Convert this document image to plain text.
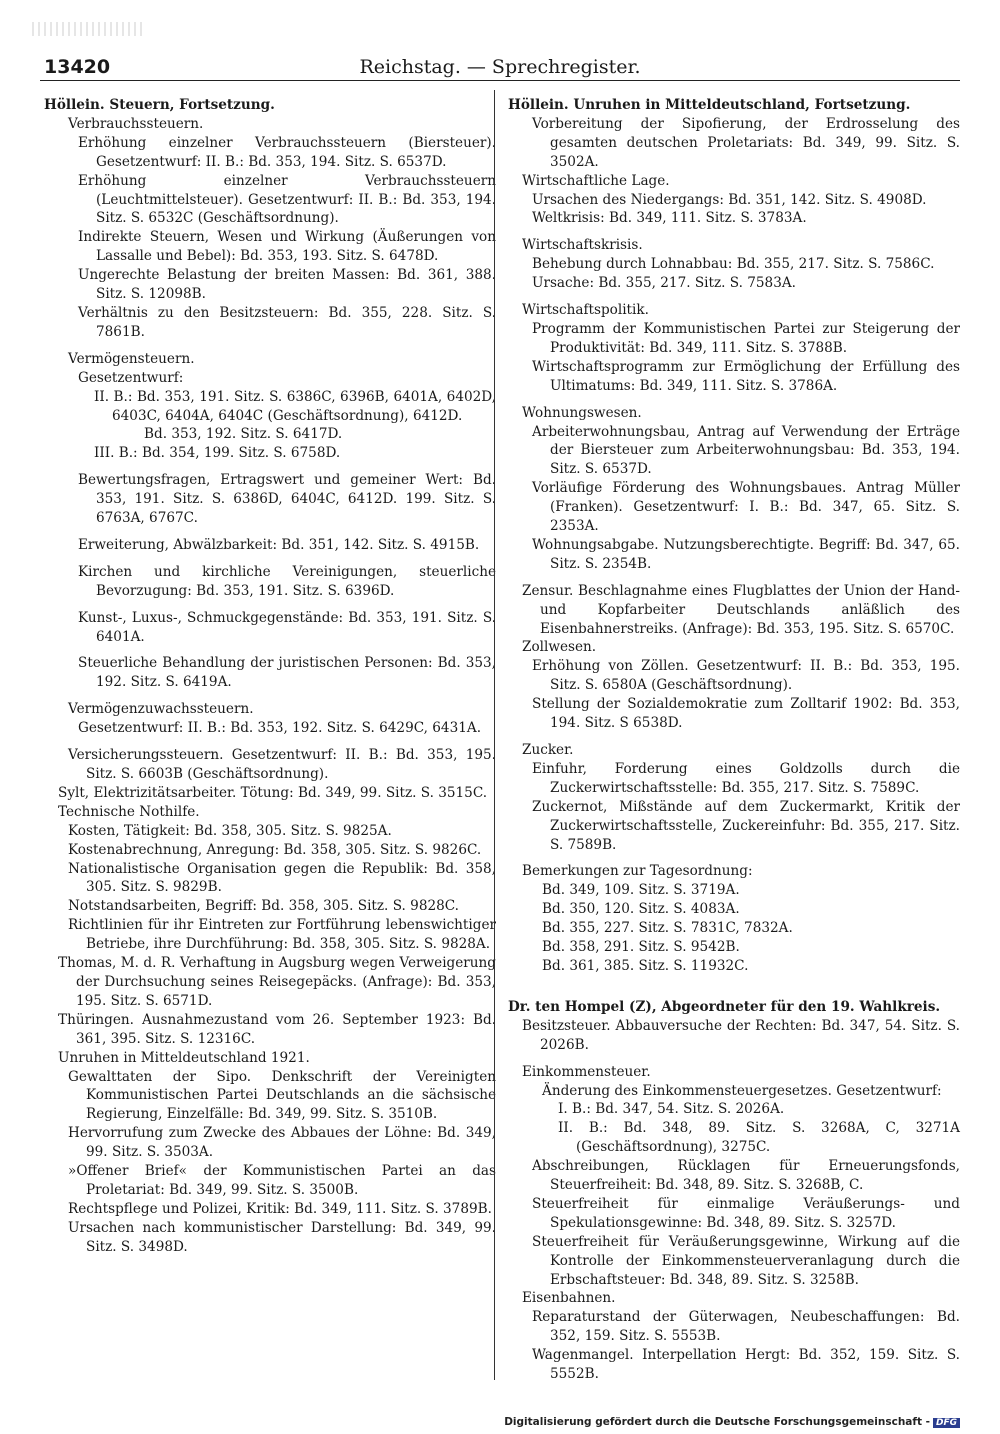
13420	Reichstag. — Sprechregister.

Höllein. Steuern, Fortsetzung.

Verbrauchssteuern.

Erhöhung einzelner Verbrauchssteuern (Biersteuer). Gesetzentwurf: II. B.: Bd. 353, 194. Sitz. S. 6537D.

Erhöhung einzelner Verbrauchssteuern (Leuchtmittelsteuer). Gesetzentwurf: II. B.: Bd. 353, 194. Sitz. S. 6532C (Geschäftsordnung).

Indirekte Steuern, Wesen und Wirkung (Äußerungen von Lassalle und Bebel): Bd. 353, 193. Sitz. S. 6478D.

Ungerechte Belastung der breiten Massen: Bd. 361, 388. Sitz. S. 12098B.

Verhältnis zu den Besitzsteuern: Bd. 355, 228. Sitz. S. 7861B.

Vermögensteuern.

Gesetzentwurf:

II. B.: Bd. 353, 191. Sitz. S. 6386C, 6396B, 6401A, 6402D, 6403C, 6404A, 6404C (Geschäftsordnung), 6412D.

Bd. 353, 192. Sitz. S. 6417D.

III. B.: Bd. 354, 199. Sitz. S. 6758D.

Bewertungsfragen, Ertragswert und gemeiner Wert: Bd. 353, 191. Sitz. S. 6386D, 6404C, 6412D. 199. Sitz. S. 6763A, 6767C.

Erweiterung, Abwälzbarkeit: Bd. 351, 142. Sitz. S. 4915B.

Kirchen und kirchliche Vereinigungen, steuerliche Bevorzugung: Bd. 353, 191. Sitz. S. 6396D.

Kunst-, Luxus-, Schmuckgegenstände: Bd. 353, 191. Sitz. S. 6401A.

Steuerliche Behandlung der juristischen Personen: Bd. 353, 192. Sitz. S. 6419A.

Vermögenzuwachssteuern.

Gesetzentwurf: II. B.: Bd. 353, 192. Sitz. S. 6429C, 6431A.

Versicherungssteuern. Gesetzentwurf: II. B.: Bd. 353, 195. Sitz. S. 6603B (Geschäftsordnung).

Sylt, Elektrizitätsarbeiter. Tötung: Bd. 349, 99. Sitz. S. 3515C.

Technische Nothilfe.

Kosten, Tätigkeit: Bd. 358, 305. Sitz. S. 9825A.

Kostenabrechnung, Anregung: Bd. 358, 305. Sitz. S. 9826C.

Nationalistische Organisation gegen die Republik: Bd. 358, 305. Sitz. S. 9829B.

Notstandsarbeiten, Begriff: Bd. 358, 305. Sitz. S. 9828C.

Richtlinien für ihr Eintreten zur Fortführung lebenswichtiger Betriebe, ihre Durchführung: Bd. 358, 305. Sitz. S. 9828A.

Thomas, M. d. R. Verhaftung in Augsburg wegen Verweigerung der Durchsuchung seines Reisegepäcks. (Anfrage): Bd. 353, 195. Sitz. S. 6571D.

Thüringen. Ausnahmezustand vom 26. September 1923: Bd. 361, 395. Sitz. S. 12316C.

Unruhen in Mitteldeutschland 1921.

Gewalttaten der Sipo. Denkschrift der Vereinigten Kommunistischen Partei Deutschlands an die sächsische Regierung, Einzelfälle: Bd. 349, 99. Sitz. S. 3510B.

Hervorrufung zum Zwecke des Abbaues der Löhne: Bd. 349, 99. Sitz. S. 3503A.

»Offener Brief« der Kommunistischen Partei an das Proletariat: Bd. 349, 99. Sitz. S. 3500B.

Rechtspflege und Polizei, Kritik: Bd. 349, 111. Sitz. S. 3789B.

Ursachen nach kommunistischer Darstellung: Bd. 349, 99. Sitz. S. 3498D.

Höllein. Unruhen in Mitteldeutschland, Fortsetzung.

Vorbereitung der Sipofierung, der Erdrosselung des gesamten deutschen Proletariats: Bd. 349, 99. Sitz. S. 3502A.

Wirtschaftliche Lage.

Ursachen des Niedergangs: Bd. 351, 142. Sitz. S. 4908D.

Weltkrisis: Bd. 349, 111. Sitz. S. 3783A.

Wirtschaftskrisis.

Behebung durch Lohnabbau: Bd. 355, 217. Sitz. S. 7586C.

Ursache: Bd. 355, 217. Sitz. S. 7583A.

Wirtschaftspolitik.

Programm der Kommunistischen Partei zur Steigerung der Produktivität: Bd. 349, 111. Sitz. S. 3788B.

Wirtschaftsprogramm zur Ermöglichung der Erfüllung des Ultimatums: Bd. 349, 111. Sitz. S. 3786A.

Wohnungswesen.

Arbeiterwohnungsbau, Antrag auf Verwendung der Erträge der Biersteuer zum Arbeiterwohnungsbau: Bd. 353, 194. Sitz. S. 6537D.

Vorläufige Förderung des Wohnungsbaues. Antrag Müller (Franken). Gesetzentwurf: I. B.: Bd. 347, 65. Sitz. S. 2353A.

Wohnungsabgabe. Nutzungsberechtigte. Begriff: Bd. 347, 65. Sitz. S. 2354B.

Zensur. Beschlagnahme eines Flugblattes der Union der Hand- und Kopfarbeiter Deutschlands anläßlich des Eisenbahnerstreiks. (Anfrage): Bd. 353, 195. Sitz. S. 6570C.

Zollwesen.

Erhöhung von Zöllen. Gesetzentwurf: II. B.: Bd. 353, 195. Sitz. S. 6580A (Geschäftsordnung).

Stellung der Sozialdemokratie zum Zolltarif 1902: Bd. 353, 194. Sitz. S 6538D.

Zucker.

Einfuhr, Forderung eines Goldzolls durch die Zuckerwirtschaftsstelle: Bd. 355, 217. Sitz. S. 7589C.

Zuckernot, Mißstände auf dem Zuckermarkt, Kritik der Zuckerwirtschaftsstelle, Zuckereinfuhr: Bd. 355, 217. Sitz. S. 7589B.

Bemerkungen zur Tagesordnung:

Bd. 349, 109. Sitz. S. 3719A.

Bd. 350, 120. Sitz. S. 4083A.

Bd. 355, 227. Sitz. S. 7831C, 7832A.

Bd. 358, 291. Sitz. S. 9542B.

Bd. 361, 385. Sitz. S. 11932C.

Dr. ten Hompel (Z), Abgeordneter für den 19. Wahlkreis.

Besitzsteuer. Abbauversuche der Rechten: Bd. 347, 54. Sitz. S. 2026B.

Einkommensteuer.

Änderung des Einkommensteuergesetzes. Gesetzentwurf:

I. B.: Bd. 347, 54. Sitz. S. 2026A.

II. B.: Bd. 348, 89. Sitz. S. 3268A, C, 3271A (Geschäftsordnung), 3275C.

Abschreibungen, Rücklagen für Erneuerungsfonds, Steuerfreiheit: Bd. 348, 89. Sitz. S. 3268B, C.

Steuerfreiheit für einmalige Veräußerungs- und Spekulationsgewinne: Bd. 348, 89. Sitz. S. 3257D.

Steuerfreiheit für Veräußerungsgewinne, Wirkung auf die Kontrolle der Einkommensteuerveranlagung durch die Erbschaftsteuer: Bd. 348, 89. Sitz. S. 3258B.

Eisenbahnen.

Reparaturstand der Güterwagen, Neubeschaffungen: Bd. 352, 159. Sitz. S. 5553B.

Wagenmangel. Interpellation Hergt: Bd. 352, 159. Sitz. S. 5552B.

Digitalisierung gefördert durch die Deutsche Forschungsgemeinschaft - DFG
